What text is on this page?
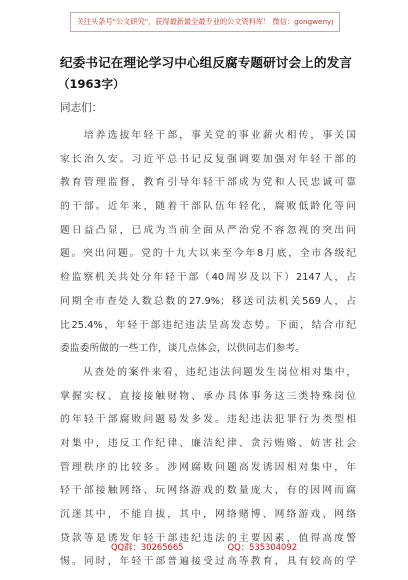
关注头条号"公文研究"，获得最新最全最专业的公文资料库！ 微信：gongwenyj
纪委书记在理论学习中心组反腐专题研讨会上的发言
（1963字）
同志们：
　　培养选拔年轻干部，事关党的事业薪火相传，事关国
家长治久安。习近平总书记反复强调要加强对年轻干部的
教育管理监督，教育引导年轻干部成为党和人民忠诚可靠
的干部。近年来，随着干部队伍年轻化，腐败低龄化等问
题日益凸显，已成为当前全面从严治党不容忽视的突出问
题。突出问题。党的十九大以来至今年8月底，全市各级纪
检监察机关共处分年轻干部（40周岁及以下）2147人，占
同期全市查处人数总数的27.9%；移送司法机关569人，占
比25.4%，年轻干部违纪违法呈高发态势。下面，结合市纪
委监委所做的一些工作，谈几点体会，以供同志们参考。
　　从查处的案件来看，违纪违法问题发生岗位相对集中，
掌握实权、直接接触财物、承办具体事务这三类特殊岗位
的年轻干部腐败问题易发多发。违纪违法犯罪行为类型相
对集中，违反工作纪律、廉洁纪律、贪污贿赂、妨害社会
管理秩序的比较多。涉网腐败问题高发诱因相对集中，年
轻干部接触网络、玩网络游戏的数量庞大，有的因网而腐
沉迷其中，不能自拔，其中，网络赌博、网络游戏、网络
贷款等是诱发年轻干部违纪违法的主要因素，值得高度警
惕。同时，年轻干部普遍接受过高等教育，具有较高的学
QQ群：30265665	QQ：535304092
